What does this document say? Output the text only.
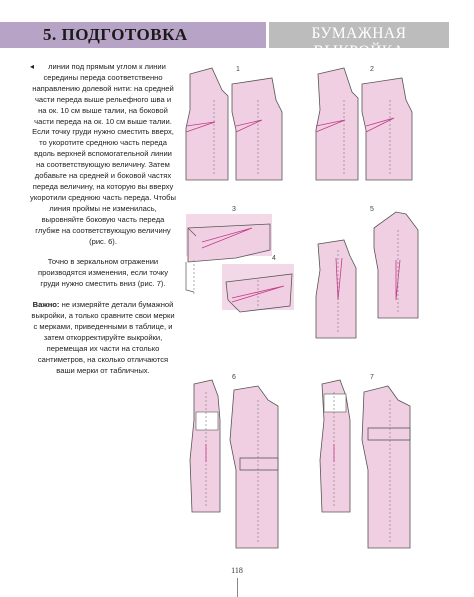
5. ПОДГОТОВКА	БУМАЖНАЯ ВЫКРОЙКА
◂	линии под прямым углом к линии середины переда соответственно направлению долевой нити: на средней части переда выше рельефного шва и на ок. 10 см выше талии, на боковой части переда на ок. 10 см выше талии. Если точку груди нужно сместить вверх, то укоротите среднюю часть переда вдоль верхней вспомогательной линии на соответствующую величину. Затем добавьте на средней и боковой частях переда величину, на которую вы вверху укоротили среднюю часть переда. Чтобы линия проймы не изменилась, выровняйте боковую часть переда глубже на соответствующую величину (рис. 6).

Точно в зеркальном отражении производятся изменения, если точку груди нужно сместить вниз (рис. 7).

Важно: не измеряйте детали бумажной выкройки, а только сравните свои мерки с мерками, приведенными в таблице, и затем откорректируйте выкройки, перемещая их части на столько сантиметров, на сколько отличаются ваши мерки от табличных.

1	2
3
4
5
6	7
118
